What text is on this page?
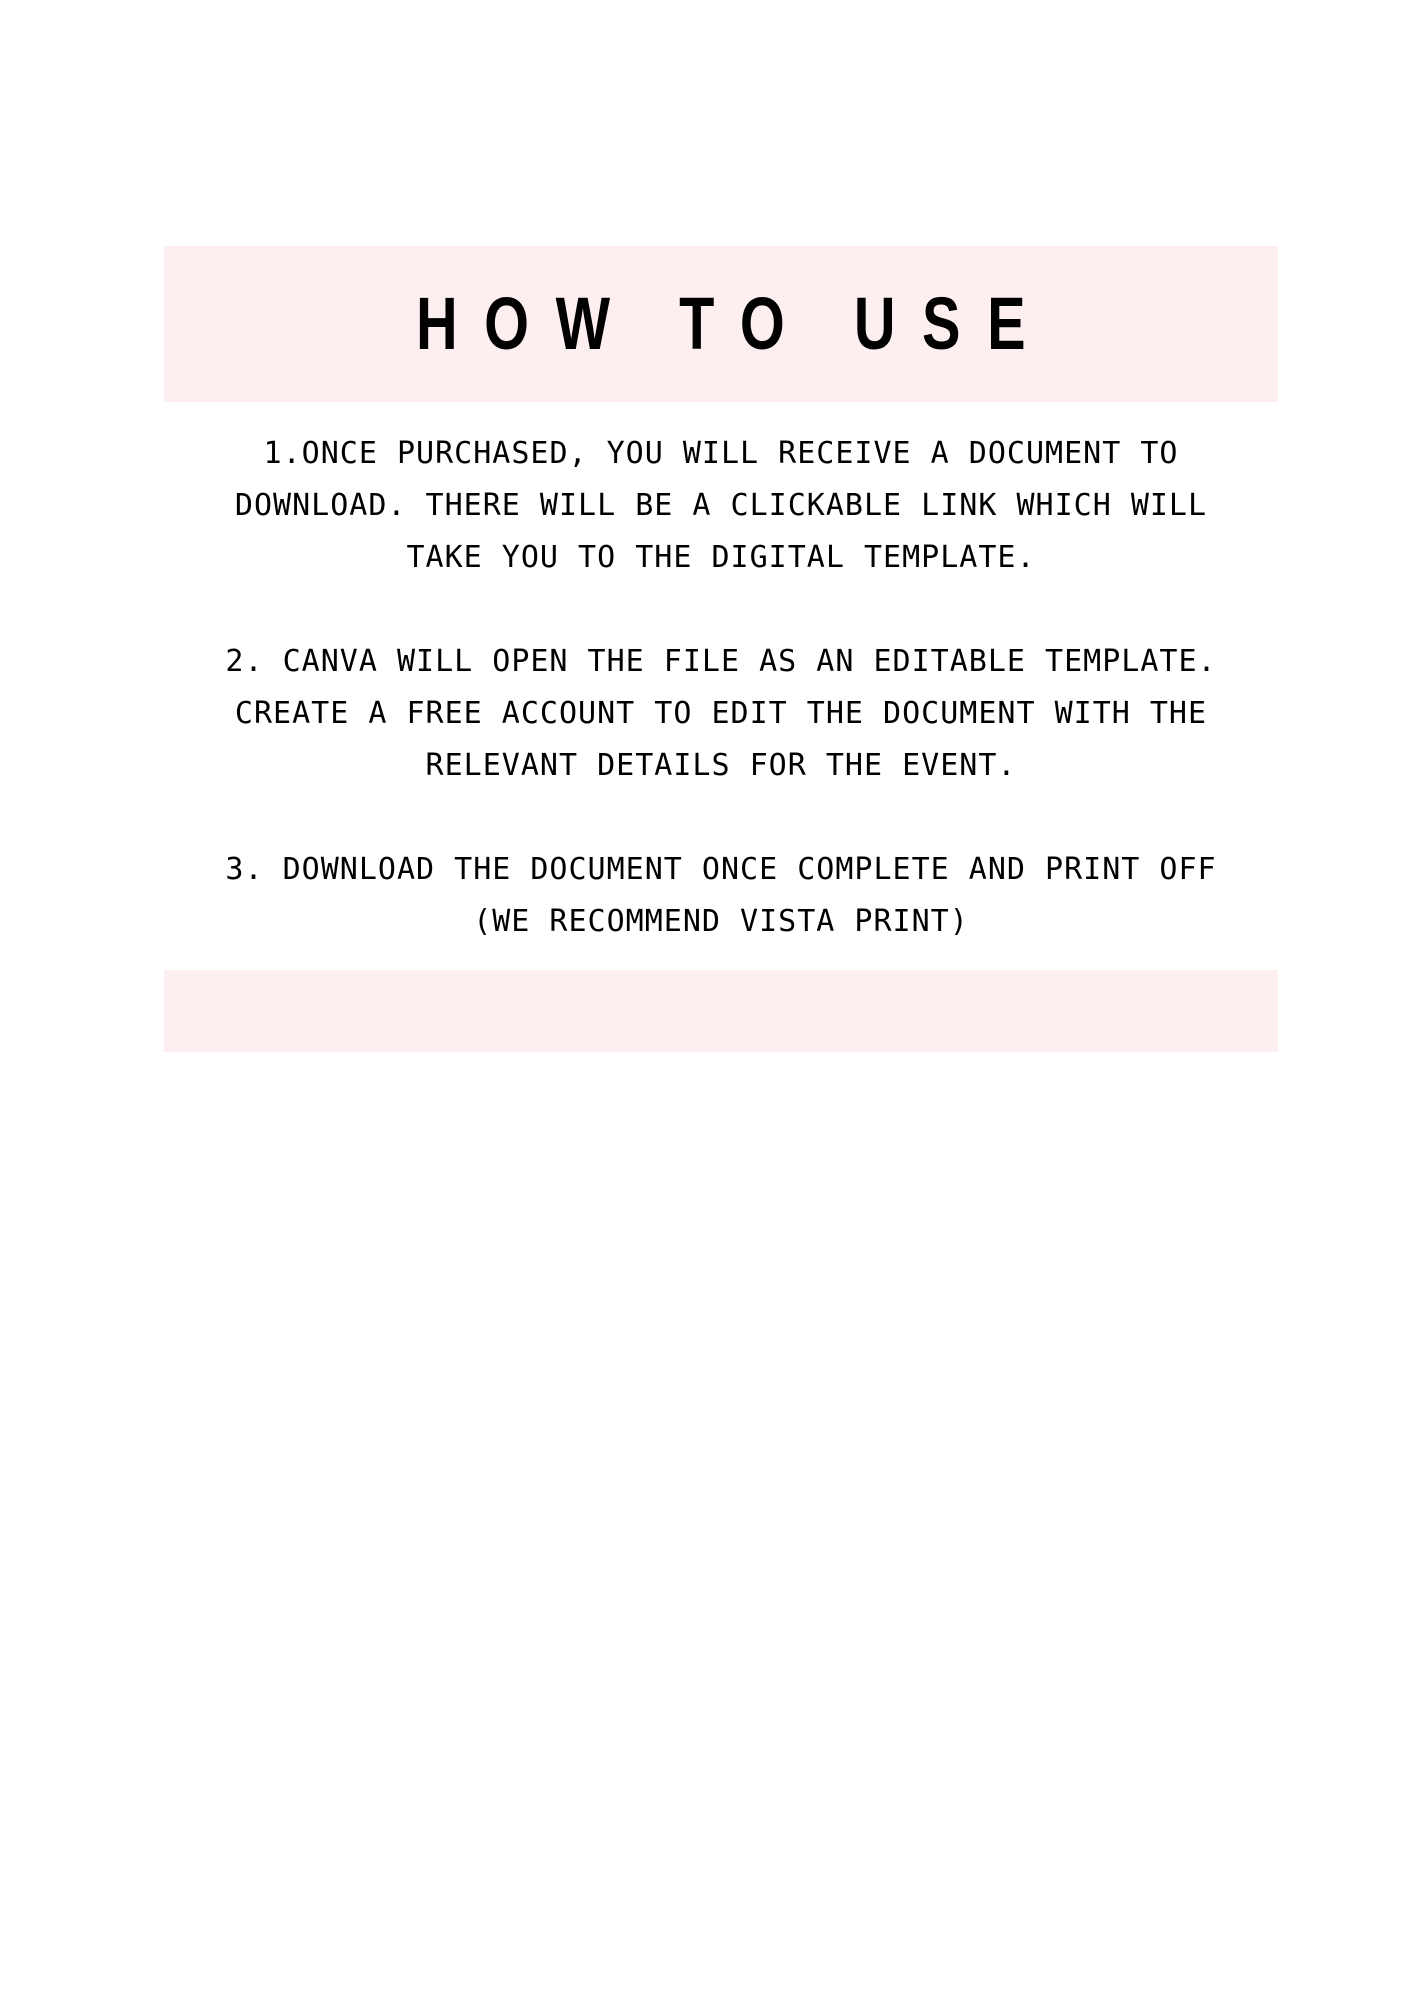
HOW TO USE

1.ONCE PURCHASED, YOU WILL RECEIVE A DOCUMENT TO
DOWNLOAD. THERE WILL BE A CLICKABLE LINK WHICH WILL
TAKE YOU TO THE DIGITAL TEMPLATE.

2. CANVA WILL OPEN THE FILE AS AN EDITABLE TEMPLATE.
CREATE A FREE ACCOUNT TO EDIT THE DOCUMENT WITH THE
RELEVANT DETAILS FOR THE EVENT.

3. DOWNLOAD THE DOCUMENT ONCE COMPLETE AND PRINT OFF
(WE RECOMMEND VISTA PRINT)
